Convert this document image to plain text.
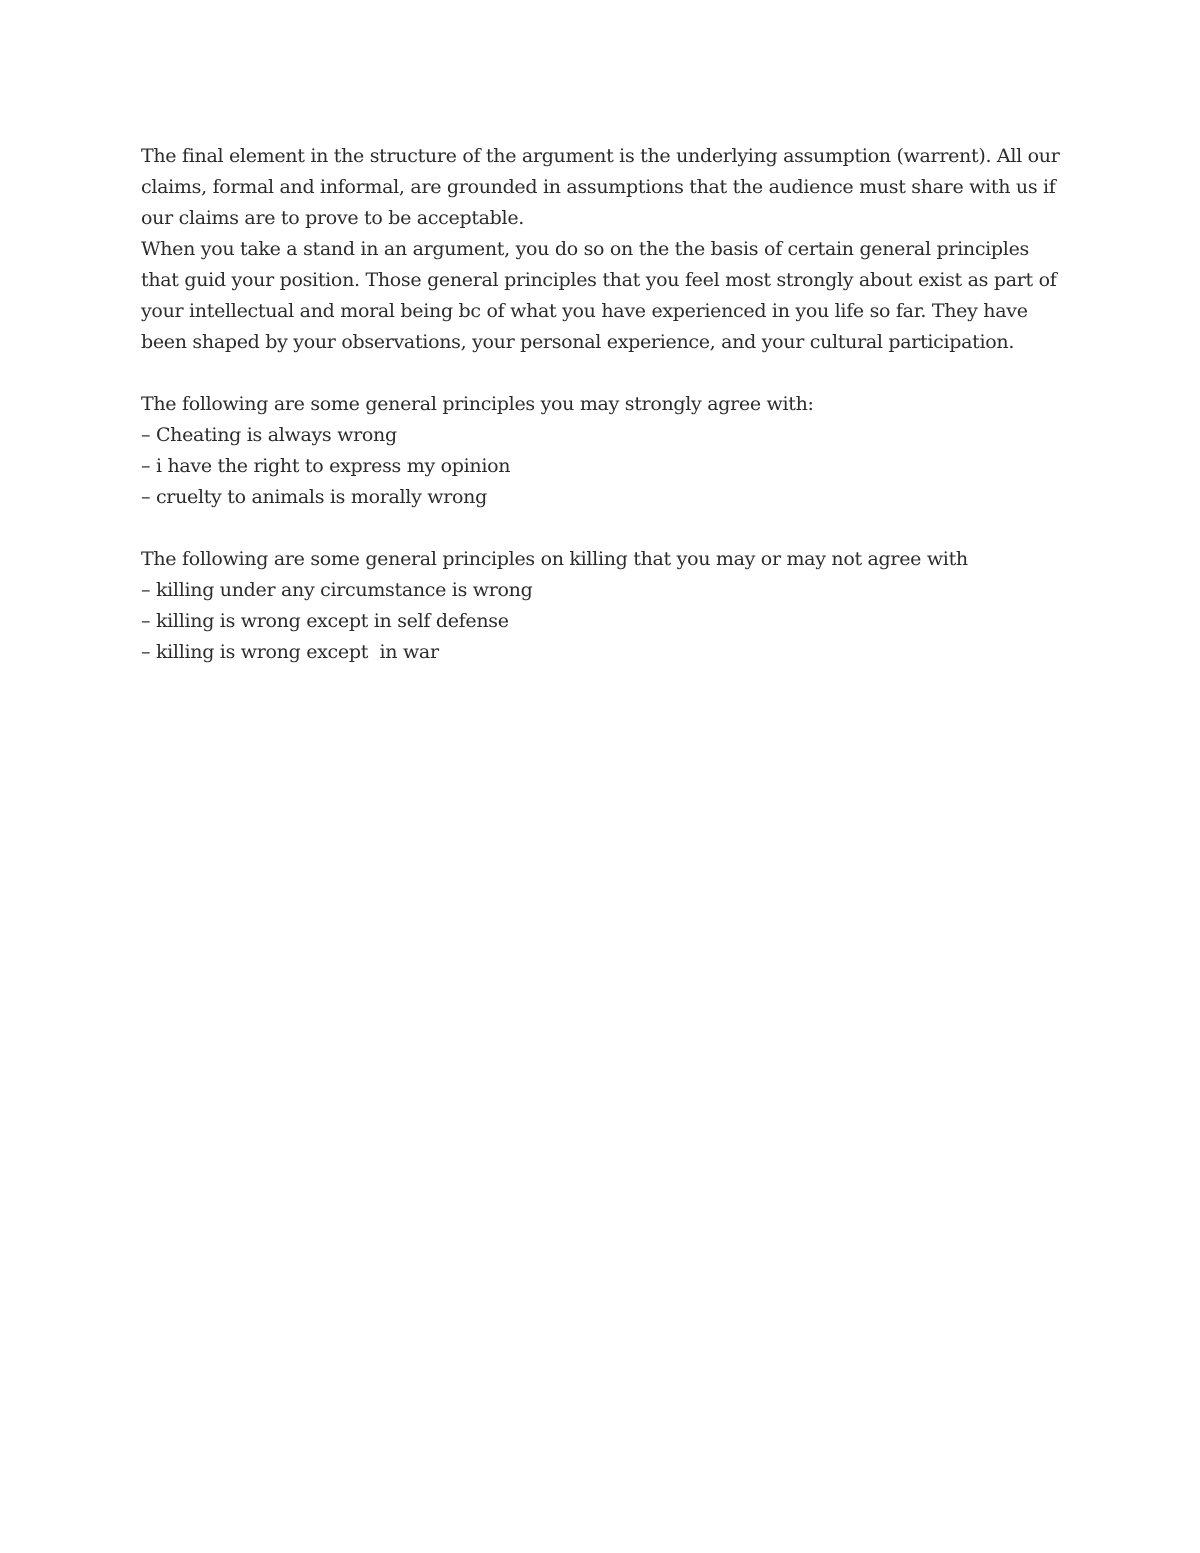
The final element in the structure of the argument is the underlying assumption (warrent). All our
claims, formal and informal, are grounded in assumptions that the audience must share with us if
our claims are to prove to be acceptable.
When you take a stand in an argument, you do so on the the basis of certain general principles
that guid your position. Those general principles that you feel most strongly about exist as part of
your intellectual and moral being bc of what you have experienced in you life so far. They have
been shaped by your observations, your personal experience, and your cultural participation.
The following are some general principles you may strongly agree with:
– Cheating is always wrong
– i have the right to express my opinion
– cruelty to animals is morally wrong
The following are some general principles on killing that you may or may not agree with
– killing under any circumstance is wrong
– killing is wrong except in self defense
– killing is wrong except  in war
